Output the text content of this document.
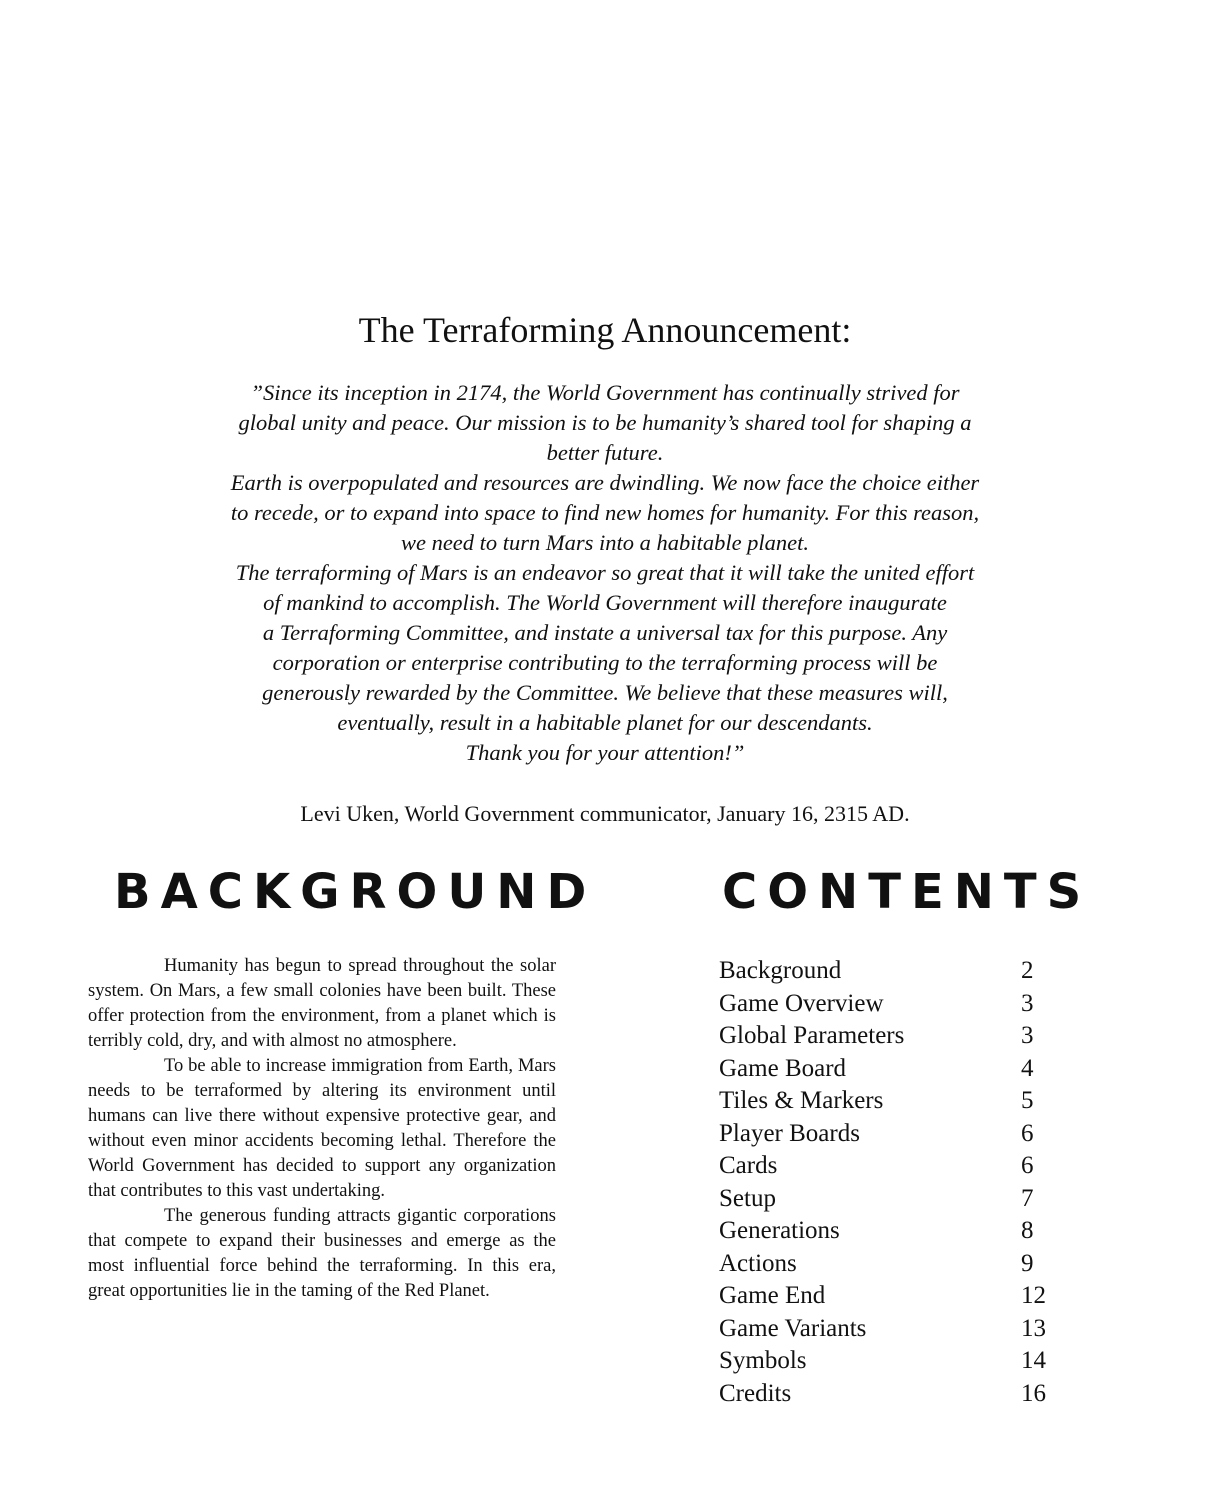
The Terraforming Announcement:
”Since its inception in 2174, the World Government has continually strived for
global unity and peace. Our mission is to be humanity’s shared tool for shaping a
better future.
Earth is overpopulated and resources are dwindling. We now face the choice either
to recede, or to expand into space to find new homes for humanity. For this reason,
we need to turn Mars into a habitable planet.
The terraforming of Mars is an endeavor so great that it will take the united effort
of mankind to accomplish. The World Government will therefore inaugurate
a Terraforming Committee, and instate a universal tax for this purpose. Any
corporation or enterprise contributing to the terraforming process will be
generously rewarded by the Committee. We believe that these measures will,
eventually, result in a habitable planet for our descendants.
Thank you for your attention!”
Levi Uken, World Government communicator, January 16, 2315 AD.
BACKGROUND	CONTENTS

Humanity has begun to spread throughout the solar system. On Mars, a few small colonies have been built. These offer protection from the environment, from a planet which is terribly cold, dry, and with almost no atmosphere.

To be able to increase immigration from Earth, Mars needs to be terraformed by altering its environment until humans can live there without expensive protective gear, and without even minor accidents becoming lethal. Therefore the World Government has decided to support any organization that contributes to this vast undertaking.

The generous funding attracts gigantic corporations that compete to expand their businesses and emerge as the most influential force behind the terraforming. In this era, great opportunities lie in the taming of the Red Planet.

Background	2
Game Overview	3
Global Parameters	3
Game Board	4
Tiles & Markers	5
Player Boards	6
Cards	6
Setup	7
Generations	8
Actions	9
Game End	12
Game Variants	13
Symbols	14
Credits	16
